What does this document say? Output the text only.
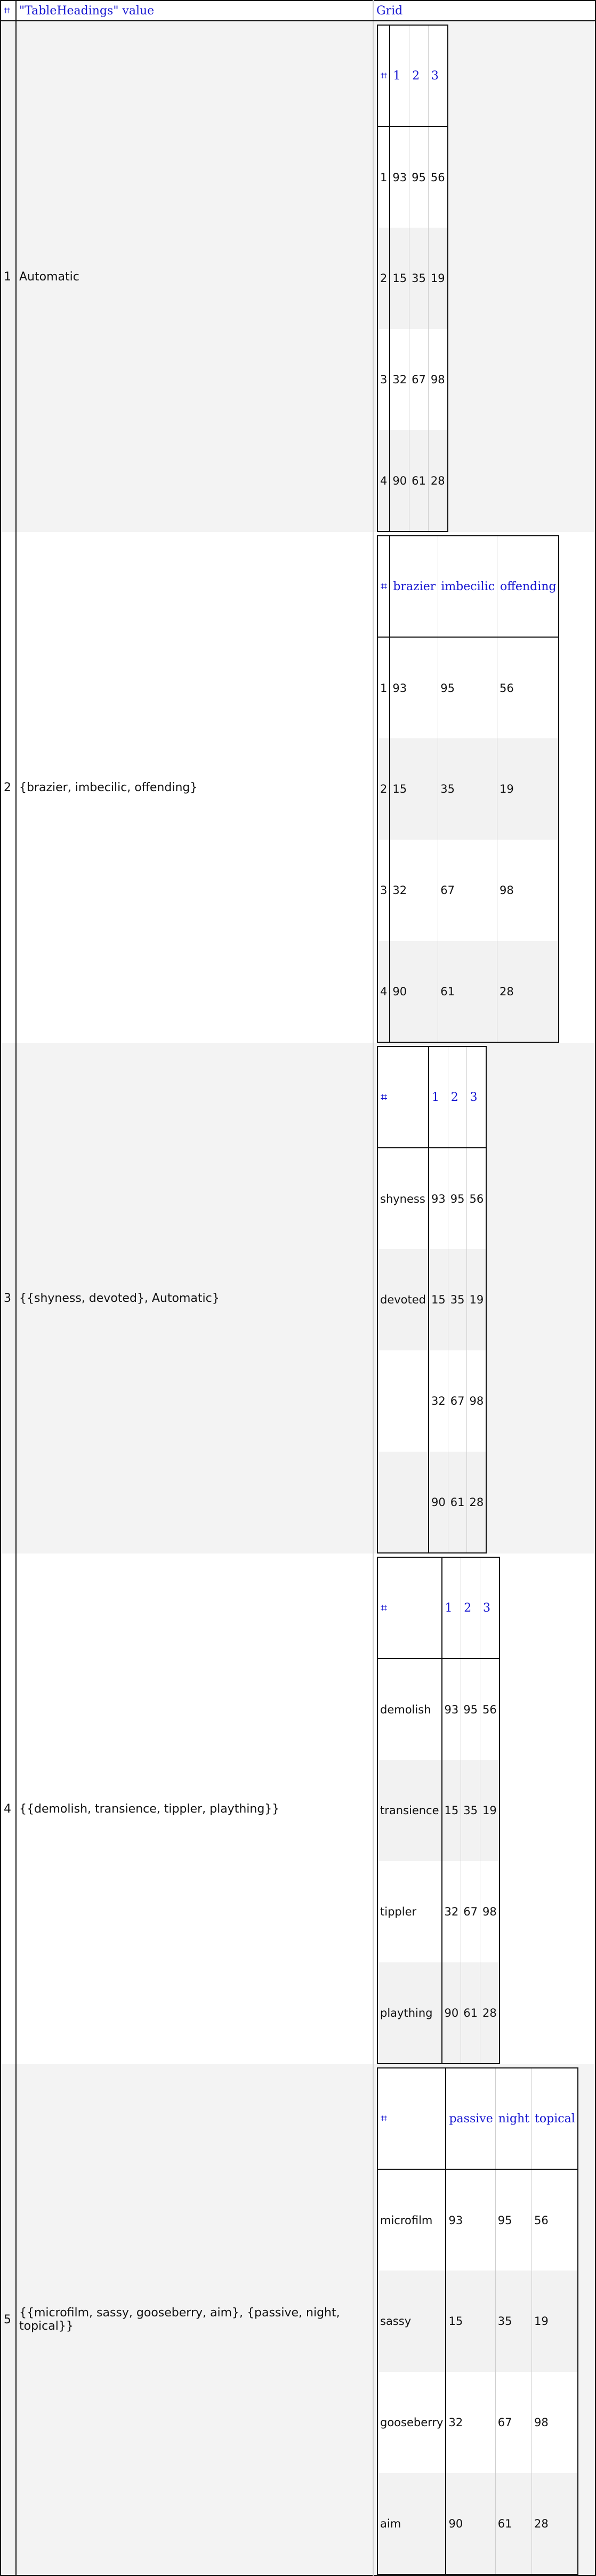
⌗	"TableHeadings" value	Grid
1	Automatic	
⌗	1	2	3
1	93	95	56
2	15	35	19
3	32	67	98
4	90	61	28

2	{brazier, imbecilic, offending}	
⌗	brazier	imbecilic	offending
1	93	95	56
2	15	35	19
3	32	67	98
4	90	61	28

3	{{shyness, devoted}, Automatic}	
⌗	1	2	3
shyness	93	95	56
devoted	15	35	19
	32	67	98
	90	61	28

4	{{demolish, transience, tippler, plaything}}	
⌗	1	2	3
demolish	93	95	56
transience	15	35	19
tippler	32	67	98
plaything	90	61	28

5	{{microfilm, sassy, gooseberry, aim}, {passive, night, topical}}	
⌗	passive	night	topical
microfilm	93	95	56
sassy	15	35	19
gooseberry	32	67	98
aim	90	61	28
